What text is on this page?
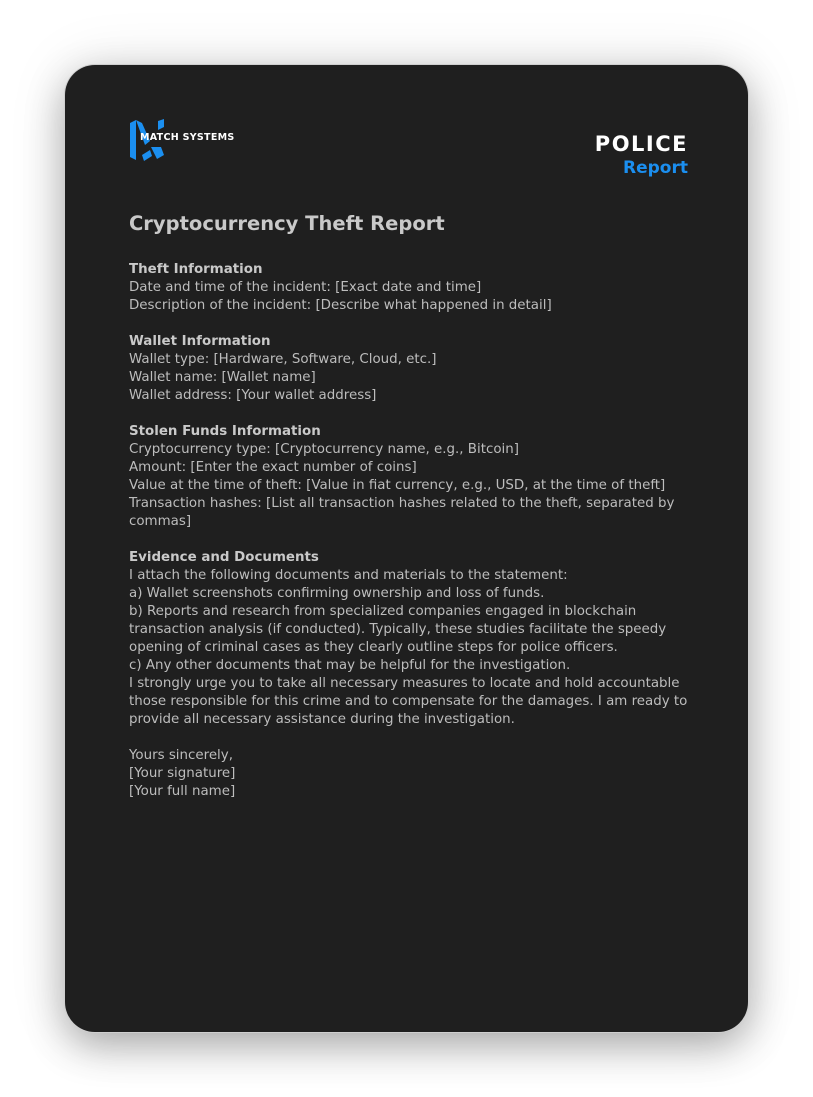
MATCH SYSTEMS	POLICE
Report
Cryptocurrency Theft Report
Theft Information
Date and time of the incident: [Exact date and time]
Description of the incident: [Describe what happened in detail]
Wallet Information
Wallet type: [Hardware, Software, Cloud, etc.]
Wallet name: [Wallet name]
Wallet address: [Your wallet address]
Stolen Funds Information
Cryptocurrency type: [Cryptocurrency name, e.g., Bitcoin]
Amount: [Enter the exact number of coins]
Value at the time of theft: [Value in fiat currency, e.g., USD, at the time of theft]
Transaction hashes: [List all transaction hashes related to the theft, separated by commas]
Evidence and Documents
I attach the following documents and materials to the statement:
a) Wallet screenshots confirming ownership and loss of funds.
b) Reports and research from specialized companies engaged in blockchain transaction analysis (if conducted). Typically, these studies facilitate the speedy opening of criminal cases as they clearly outline steps for police officers.
c) Any other documents that may be helpful for the investigation.
I strongly urge you to take all necessary measures to locate and hold accountable those responsible for this crime and to compensate for the damages. I am ready to provide all necessary assistance during the investigation.
Yours sincerely,
[Your signature]
[Your full name]
